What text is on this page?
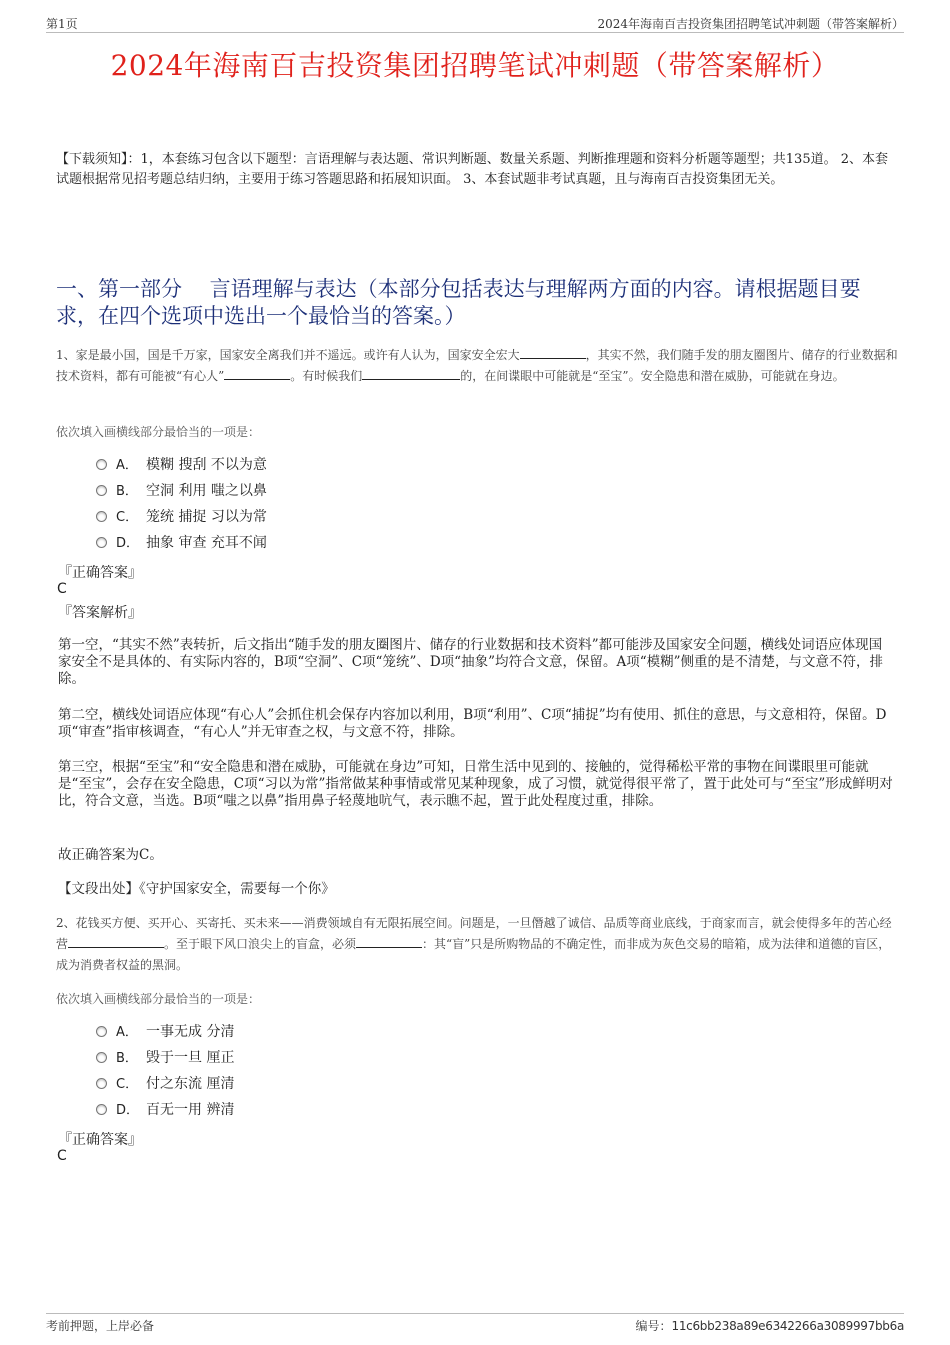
第1页	2024年海南百吉投资集团招聘笔试冲刺题（带答案解析）
2024年海南百吉投资集团招聘笔试冲刺题（带答案解析）
【下载须知】：1，本套练习包含以下题型：言语理解与表达题、常识判断题、数量关系题、判断推理题和资料分析题等题型；共135道。 2、本套试题根据常见招考题总结归纳，主要用于练习答题思路和拓展知识面。 3、本套试题非考试真题，且与海南百吉投资集团无关。
一、第一部分　 言语理解与表达（本部分包括表达与理解两方面的内容。请根据题目要求，在四个选项中选出一个最恰当的答案。）
1、家是最小国，国是千万家，国家安全离我们并不遥远。或许有人认为，国家安全宏大	，其实不然，我们随手发的朋友圈图片、储存的行业数据和技术资料，都有可能被“有心人”	。有时候我们	的，在间谍眼中可能就是“至宝”。安全隐患和潜在威胁，可能就在身边。
依次填入画横线部分最恰当的一项是：
A． 模糊 搜刮 不以为意
B． 空洞 利用 嗤之以鼻
C． 笼统 捕捉 习以为常
D． 抽象 审查 充耳不闻
『正确答案』
C
『答案解析』
第一空，“其实不然”表转折，后文指出“随手发的朋友圈图片、储存的行业数据和技术资料”都可能涉及国家安全问题，横线处词语应体现国家安全不是具体的、有实际内容的，B项“空洞”、C项“笼统”、D项“抽象”均符合文意，保留。A项“模糊”侧重的是不清楚，与文意不符，排除。
第二空，横线处词语应体现“有心人”会抓住机会保存内容加以利用，B项“利用”、C项“捕捉”均有使用、抓住的意思，与文意相符，保留。D项“审查”指审核调查，“有心人”并无审查之权，与文意不符，排除。
第三空，根据“至宝”和“安全隐患和潜在威胁，可能就在身边”可知，日常生活中见到的、接触的，觉得稀松平常的事物在间谍眼里可能就是“至宝”，会存在安全隐患，C项“习以为常”指常做某种事情或常见某种现象，成了习惯，就觉得很平常了，置于此处可与“至宝”形成鲜明对比，符合文意，当选。B项“嗤之以鼻”指用鼻子轻蔑地吭气，表示瞧不起，置于此处程度过重，排除。
故正确答案为C。
【文段出处】《守护国家安全，需要每一个你》
2、花钱买方便、买开心、买寄托、买未来——消费领域自有无限拓展空间。问题是，一旦僭越了诚信、品质等商业底线，于商家而言，就会使得多年的苦心经营	。至于眼下风口浪尖上的盲盒，必须	：其“盲”只是所购物品的不确定性，而非成为灰色交易的暗箱，成为法律和道德的盲区，成为消费者权益的黑洞。
依次填入画横线部分最恰当的一项是：
A． 一事无成 分清
B． 毁于一旦 厘正
C． 付之东流 厘清
D． 百无一用 辨清
『正确答案』
C
考前押题，上岸必备	编号：11c6bb238a89e6342266a3089997bb6a
